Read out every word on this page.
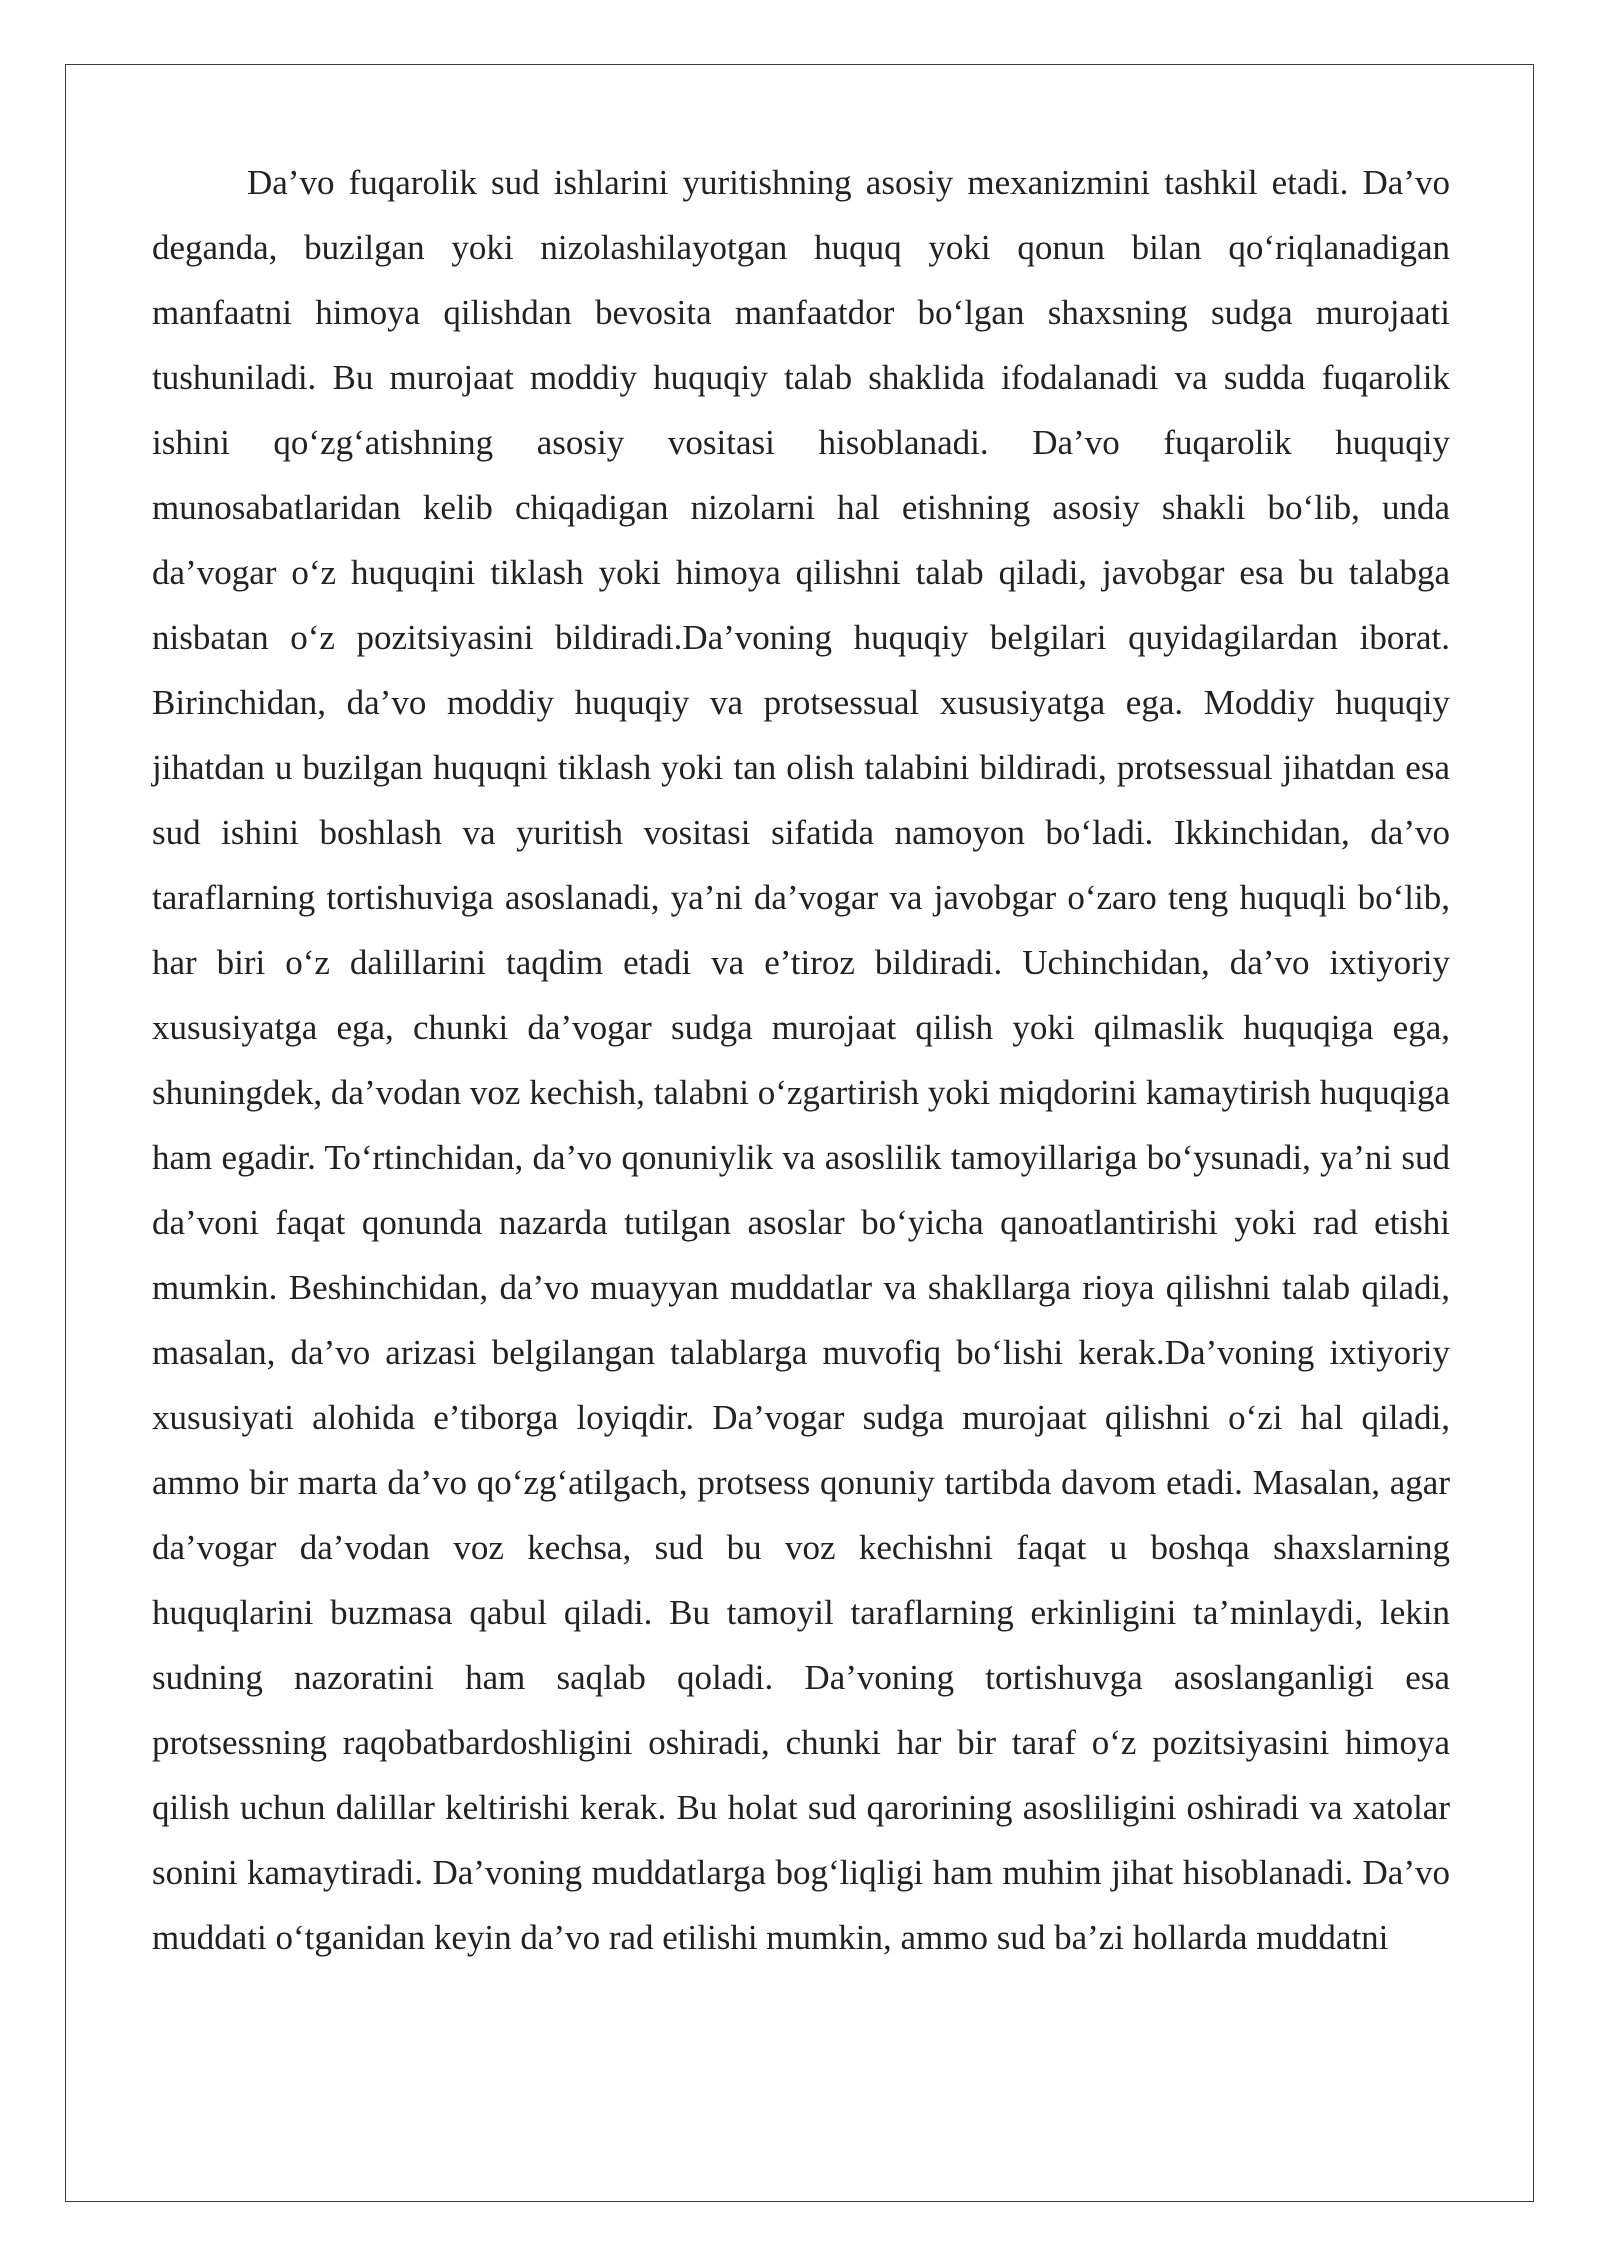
Da’vo fuqarolik sud ishlarini yuritishning asosiy mexanizmini tashkil etadi. Da’vo deganda, buzilgan yoki nizolashilayotgan huquq yoki qonun bilan qo‘riqlanadigan manfaatni himoya qilishdan bevosita manfaatdor bo‘lgan shaxsning sudga murojaati tushuniladi. Bu murojaat moddiy huquqiy talab shaklida ifodalanadi va sudda fuqarolik ishini qo‘zg‘atishning asosiy vositasi hisoblanadi. Da’vo fuqarolik huquqiy munosabatlaridan kelib chiqadigan nizolarni hal etishning asosiy shakli bo‘lib, unda da’vogar o‘z huquqini tiklash yoki himoya qilishni talab qiladi, javobgar esa bu talabga nisbatan o‘z pozitsiyasini bildiradi.Da’voning huquqiy belgilari quyidagilardan iborat. Birinchidan, da’vo moddiy huquqiy va protsessual xususiyatga ega. Moddiy huquqiy jihatdan u buzilgan huquqni tiklash yoki tan olish talabini bildiradi, protsessual jihatdan esa sud ishini boshlash va yuritish vositasi sifatida namoyon bo‘ladi. Ikkinchidan, da’vo taraflarning tortishuviga asoslanadi, ya’ni da’vogar va javobgar o‘zaro teng huquqli bo‘lib, har biri o‘z dalillarini taqdim etadi va e’tiroz bildiradi. Uchinchidan, da’vo ixtiyoriy xususiyatga ega, chunki da’vogar sudga murojaat qilish yoki qilmaslik huquqiga ega, shuningdek, da’vodan voz kechish, talabni o‘zgartirish yoki miqdorini kamaytirish huquqiga ham egadir. To‘rtinchidan, da’vo qonuniylik va asoslilik tamoyillariga bo‘ysunadi, ya’ni sud da’voni faqat qonunda nazarda tutilgan asoslar bo‘yicha qanoatlantirishi yoki rad etishi mumkin. Beshinchidan, da’vo muayyan muddatlar va shakllarga rioya qilishni talab qiladi, masalan, da’vo arizasi belgilangan talablarga muvofiq bo‘lishi kerak.Da’voning ixtiyoriy xususiyati alohida e’tiborga loyiqdir. Da’vogar sudga murojaat qilishni o‘zi hal qiladi, ammo bir marta da’vo qo‘zg‘atilgach, protsess qonuniy tartibda davom etadi. Masalan, agar da’vogar da’vodan voz kechsa, sud bu voz kechishni faqat u boshqa shaxslarning huquqlarini buzmasa qabul qiladi. Bu tamoyil taraflarning erkinligini ta’minlaydi, lekin sudning nazoratini ham saqlab qoladi. Da’voning tortishuvga asoslanganligi esa protsessning raqobatbardoshligini oshiradi, chunki har bir taraf o‘z pozitsiyasini himoya qilish uchun dalillar keltirishi kerak. Bu holat sud qarorining asosliligini oshiradi va xatolar sonini kamaytiradi. Da’voning muddatlarga bog‘liqligi ham muhim jihat hisoblanadi. Da’vo muddati o‘tganidan keyin da’vo rad etilishi mumkin, ammo sud ba’zi hollarda muddatni
